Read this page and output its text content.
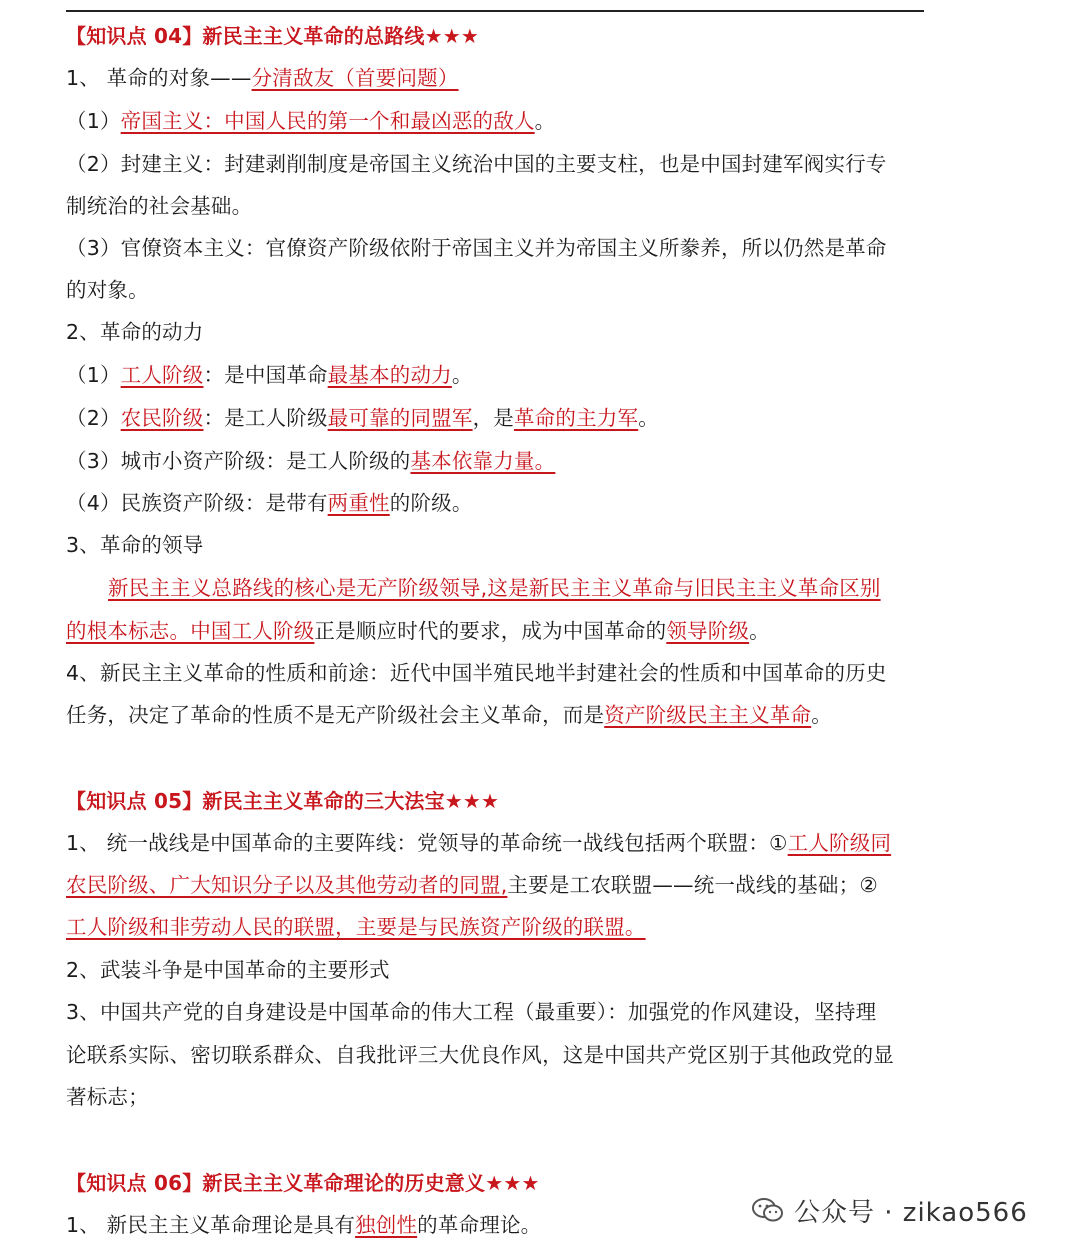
【知识点 04】新民主主义革命的总路线★★★
1、 革命的对象——分清敌友（首要问题）
（1）帝国主义：中国人民的第一个和最凶恶的敌人。
（2）封建主义：封建剥削制度是帝国主义统治中国的主要支柱，也是中国封建军阀实行专
制统治的社会基础。
（3）官僚资本主义：官僚资产阶级依附于帝国主义并为帝国主义所豢养，所以仍然是革命
的对象。
2、革命的动力
（1）工人阶级：是中国革命最基本的动力。
（2）农民阶级：是工人阶级最可靠的同盟军，是革命的主力军。
（3）城市小资产阶级：是工人阶级的基本依靠力量。
（4）民族资产阶级：是带有两重性的阶级。
3、革命的领导
新民主主义总路线的核心是无产阶级领导,这是新民主主义革命与旧民主主义革命区别
的根本标志。中国工人阶级正是顺应时代的要求，成为中国革命的领导阶级。
4、新民主主义革命的性质和前途：近代中国半殖民地半封建社会的性质和中国革命的历史
任务，决定了革命的性质不是无产阶级社会主义革命，而是资产阶级民主主义革命。
【知识点 05】新民主主义革命的三大法宝★★★
1、 统一战线是中国革命的主要阵线：党领导的革命统一战线包括两个联盟：①工人阶级同
农民阶级、广大知识分子以及其他劳动者的同盟,主要是工农联盟——统一战线的基础；②
工人阶级和非劳动人民的联盟，主要是与民族资产阶级的联盟。
2、武装斗争是中国革命的主要形式
3、中国共产党的自身建设是中国革命的伟大工程（最重要）：加强党的作风建设，坚持理
论联系实际、密切联系群众、自我批评三大优良作风，这是中国共产党区别于其他政党的显
著标志；
【知识点 06】新民主主义革命理论的历史意义★★★
1、 新民主主义革命理论是具有独创性的革命理论。	公众号 · zikao566
